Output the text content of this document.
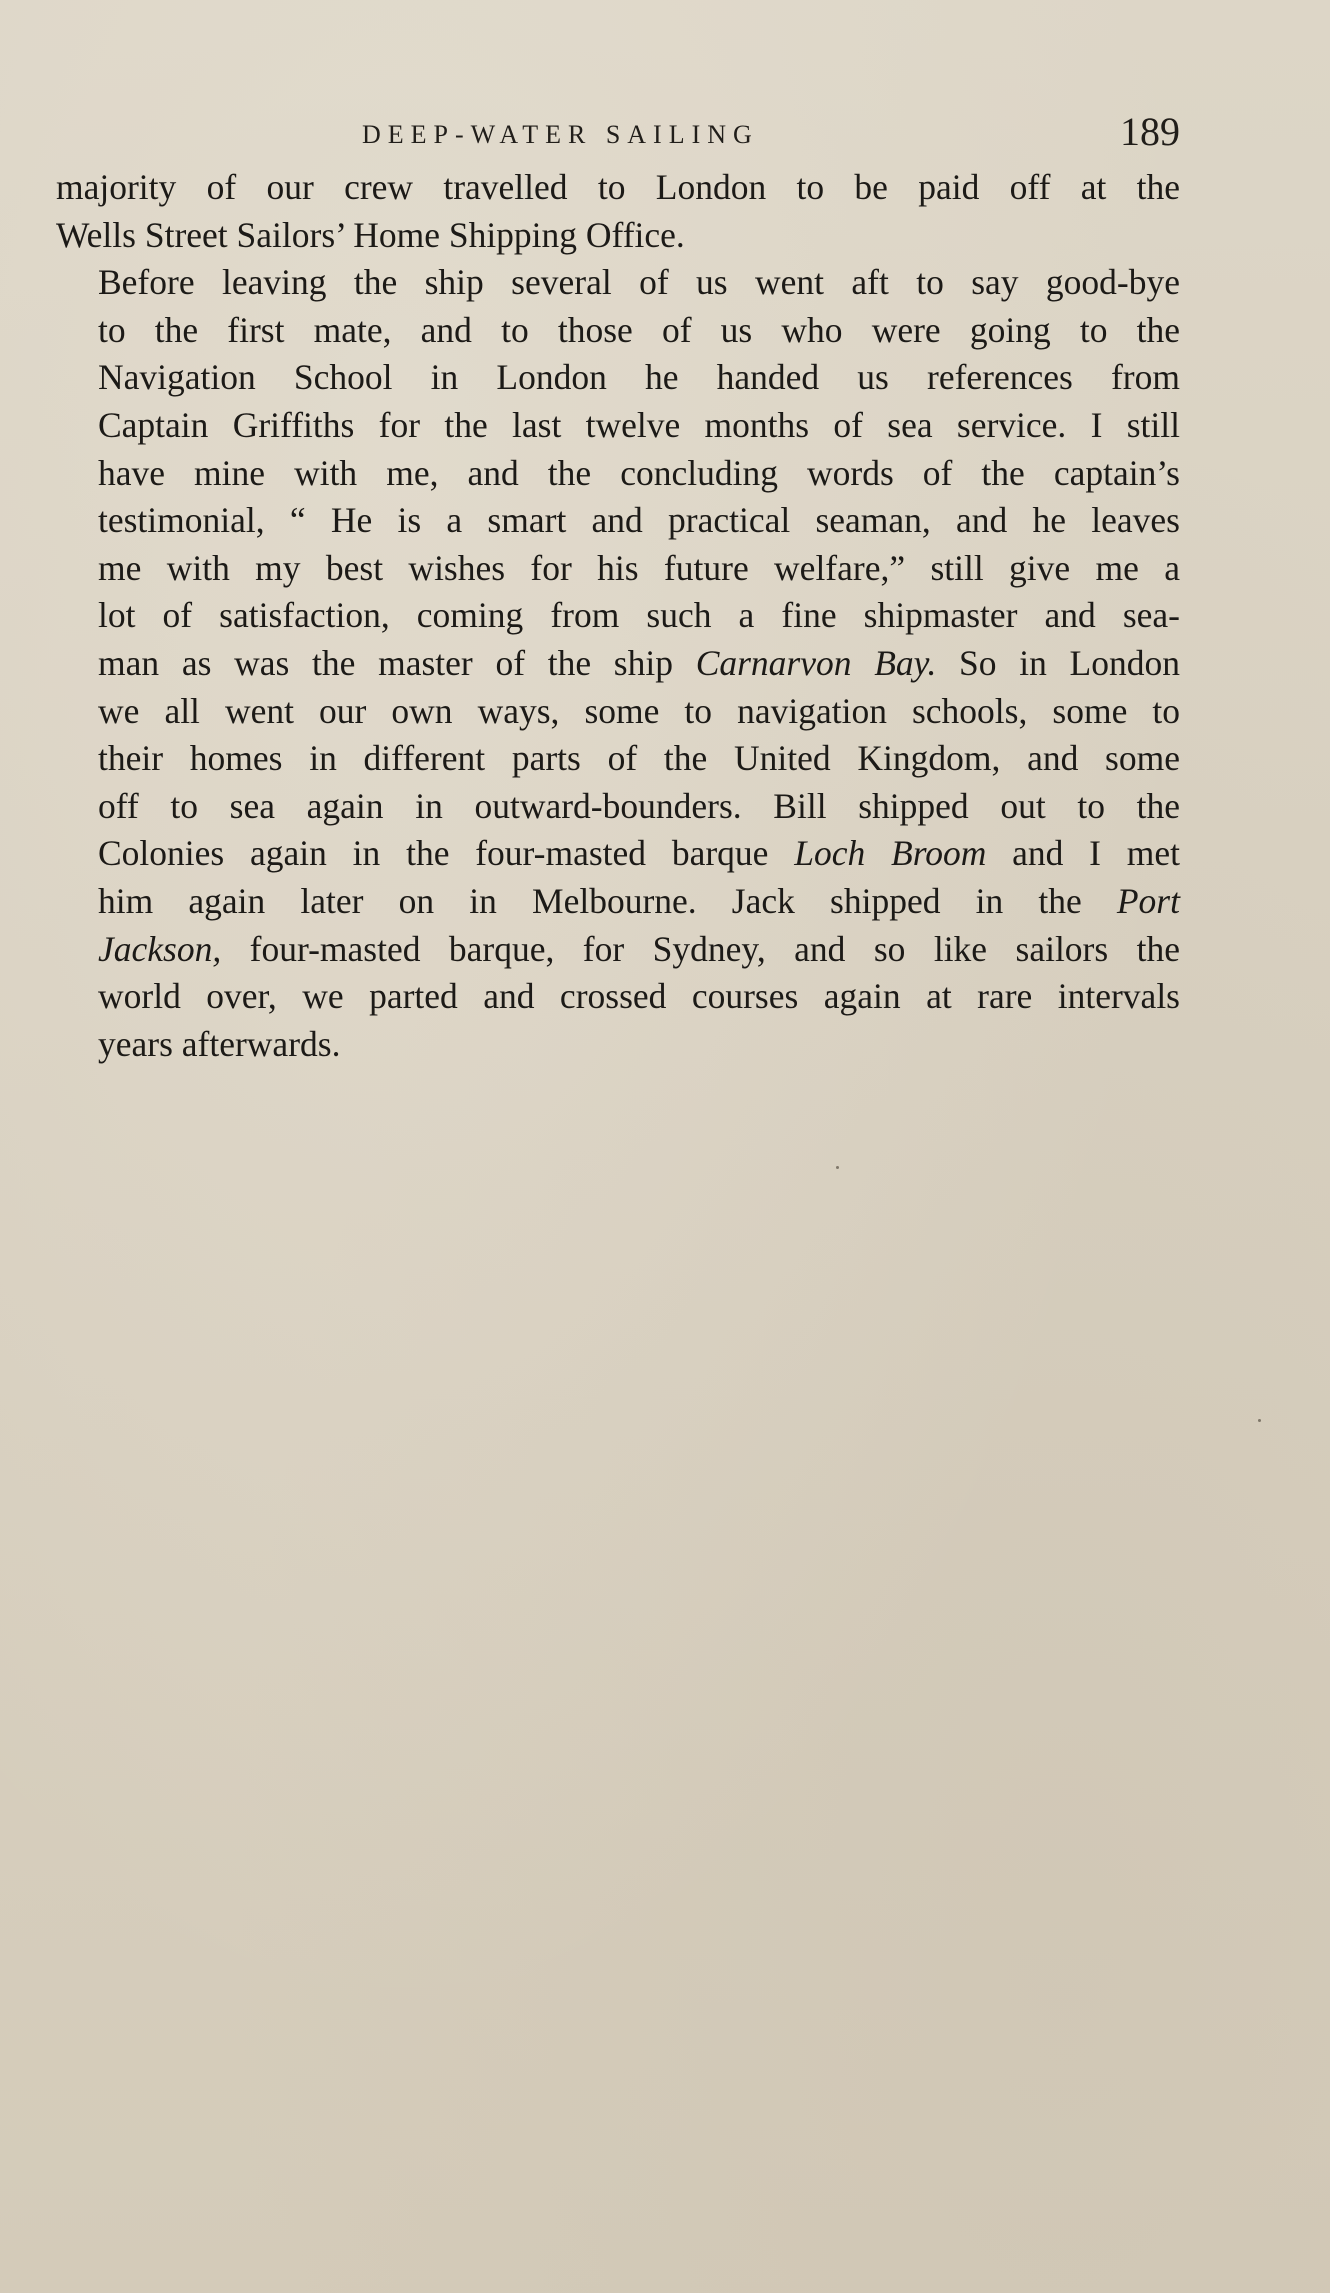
DEEP-WATER SAILING	189

majority of our crew travelled to London to be paid off at the
Wells Street Sailors’ Home Shipping Office.

Before leaving the ship several of us went aft to say good-bye
to the first mate, and to those of us who were going to the
Navigation School in London he handed us references from
Captain Griffiths for the last twelve months of sea service. I still
have mine with me, and the concluding words of the captain’s
testimonial, “ He is a smart and practical seaman, and he leaves
me with my best wishes for his future welfare,” still give me a
lot of satisfaction, coming from such a fine shipmaster and sea-
man as was the master of the ship Carnarvon Bay. So in London
we all went our own ways, some to navigation schools, some to
their homes in different parts of the United Kingdom, and some
off to sea again in outward-bounders. Bill shipped out to the
Colonies again in the four-masted barque Loch Broom and I met
him again later on in Melbourne. Jack shipped in the Port
Jackson, four-masted barque, for Sydney, and so like sailors the
world over, we parted and crossed courses again at rare intervals
years afterwards.
